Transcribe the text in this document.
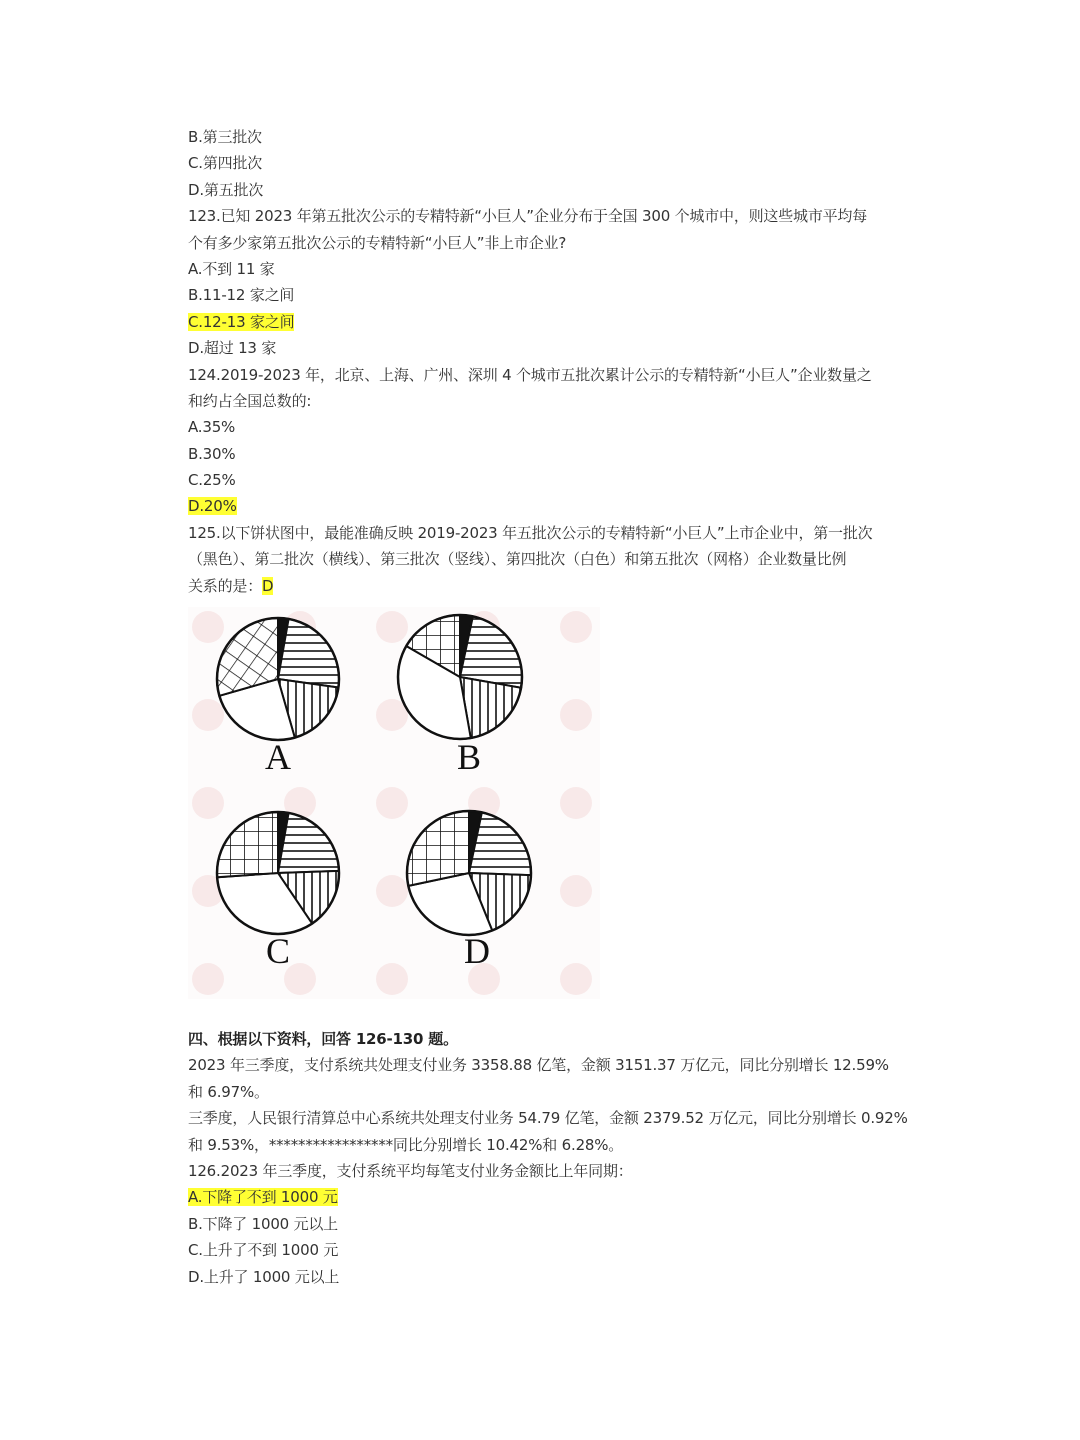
B.第三批次
C.第四批次
D.第五批次
123.已知 2023 年第五批次公示的专精特新“小巨人”企业分布于全国 300 个城市中，则这些城市平均每
个有多少家第五批次公示的专精特新“小巨人”非上市企业?
A.不到 11 家
B.11-12 家之间
C.12-13 家之间
D.超过 13 家
124.2019-2023 年，北京、上海、广州、深圳 4 个城市五批次累计公示的专精特新“小巨人”企业数量之
和约占全国总数的:
A.35%
B.30%
C.25%
D.20%
125.以下饼状图中，最能准确反映 2019-2023 年五批次公示的专精特新“小巨人”上市企业中，第一批次
（黑色）、第二批次（横线）、第三批次（竖线）、第四批次（白色）和第五批次（网格）企业数量比例
关系的是：D
A	B
C	D
四、根据以下资料，回答 126-130 题。
2023 年三季度，支付系统共处理支付业务 3358.88 亿笔，金额 3151.37 万亿元，同比分别增长 12.59%
和 6.97%。
三季度，人民银行清算总中心系统共处理支付业务 54.79 亿笔，金额 2379.52 万亿元，同比分别增长 0.92%
和 9.53%，*****************同比分别增长 10.42%和 6.28%。
126.2023 年三季度，支付系统平均每笔支付业务金额比上年同期：
A.下降了不到 1000 元
B.下降了 1000 元以上
C.上升了不到 1000 元
D.上升了 1000 元以上
